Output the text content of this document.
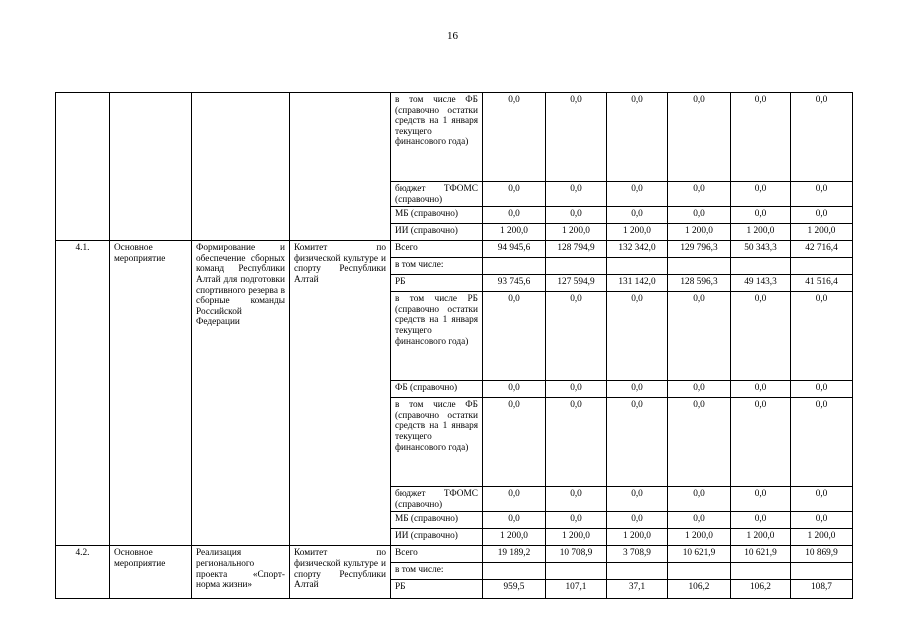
16
				в том числе ФБ (справочно остатки средств на 1 января текущего финансового года)	0,0	0,0	0,0	0,0	0,0	0,0
				бюджет ТФОМС (справочно)	0,0	0,0	0,0	0,0	0,0	0,0
				МБ (справочно)	0,0	0,0	0,0	0,0	0,0	0,0
				ИИ (справочно)	1 200,0	1 200,0	1 200,0	1 200,0	1 200,0	1 200,0
4.1.	Основное мероприятие	Формирование и обеспечение сборных команд Республики Алтай для подготовки спортивного резерва в сборные команды Российской Федерации	Комитет по физической культуре и спорту Республики Алтай	Всего	94 945,6	128 794,9	132 342,0	129 796,3	50 343,3	42 716,4
				в том числе:						
				РБ	93 745,6	127 594,9	131 142,0	128 596,3	49 143,3	41 516,4
				в том числе РБ (справочно остатки средств на 1 января текущего финансового года)	0,0	0,0	0,0	0,0	0,0	0,0
				ФБ (справочно)	0,0	0,0	0,0	0,0	0,0	0,0
				в том числе ФБ (справочно остатки средств на 1 января текущего финансового года)	0,0	0,0	0,0	0,0	0,0	0,0
				бюджет ТФОМС (справочно)	0,0	0,0	0,0	0,0	0,0	0,0
				МБ (справочно)	0,0	0,0	0,0	0,0	0,0	0,0
				ИИ (справочно)	1 200,0	1 200,0	1 200,0	1 200,0	1 200,0	1 200,0
4.2.	Основное мероприятие	Реализация регионального проекта «Спорт-норма жизни»	Комитет по физической культуре и спорту Республики Алтай	Всего	19 189,2	10 708,9	3 708,9	10 621,9	10 621,9	10 869,9
				в том числе:						
				РБ	959,5	107,1	37,1	106,2	106,2	108,7
